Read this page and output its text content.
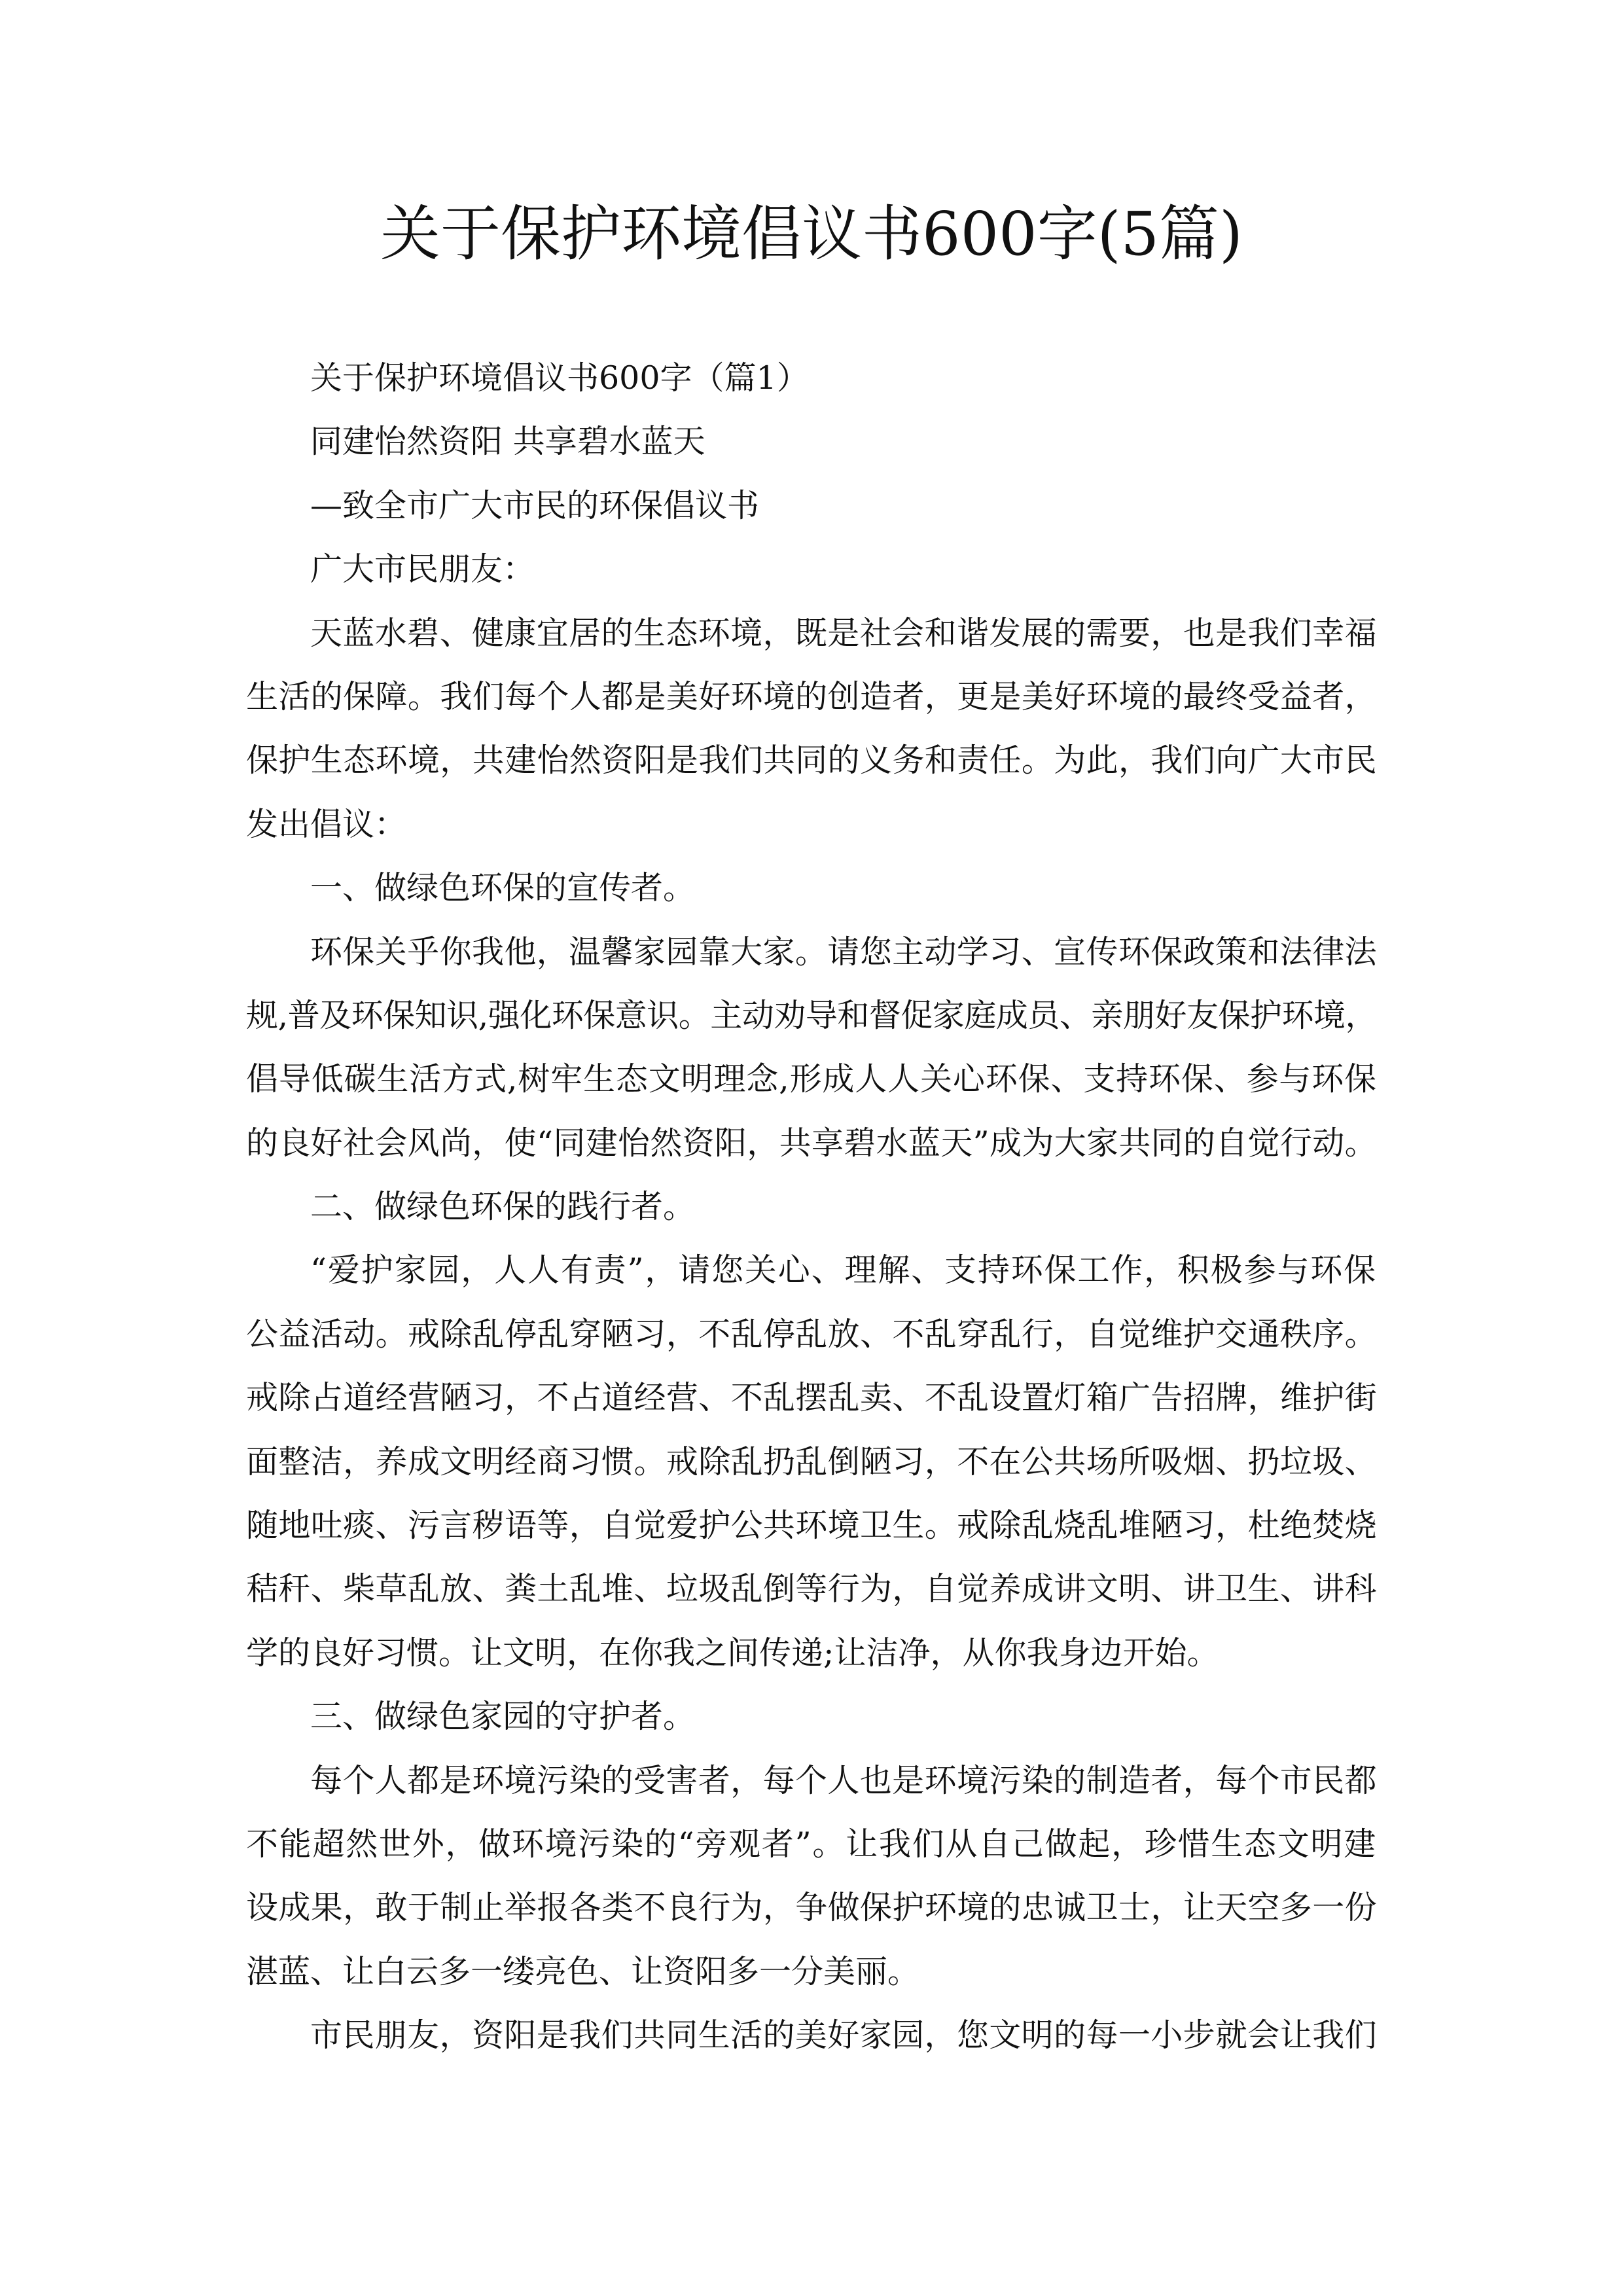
关于保护环境倡议书600字(5篇)
关于保护环境倡议书600字（篇1）
同建怡然资阳 共享碧水蓝天
—致全市广大市民的环保倡议书
广大市民朋友：
天蓝水碧、健康宜居的生态环境，既是社会和谐发展的需要，也是我们幸福
生活的保障。我们每个人都是美好环境的创造者，更是美好环境的最终受益者，
保护生态环境，共建怡然资阳是我们共同的义务和责任。为此，我们向广大市民
发出倡议：
一、做绿色环保的宣传者。
环保关乎你我他，温馨家园靠大家。请您主动学习、宣传环保政策和法律法
规,普及环保知识,强化环保意识。主动劝导和督促家庭成员、亲朋好友保护环境，
倡导低碳生活方式,树牢生态文明理念,形成人人关心环保、支持环保、参与环保
的良好社会风尚，使“同建怡然资阳，共享碧水蓝天”成为大家共同的自觉行动。
二、做绿色环保的践行者。
“爱护家园，人人有责”，请您关心、理解、支持环保工作，积极参与环保
公益活动。戒除乱停乱穿陋习，不乱停乱放、不乱穿乱行，自觉维护交通秩序。
戒除占道经营陋习，不占道经营、不乱摆乱卖、不乱设置灯箱广告招牌，维护街
面整洁，养成文明经商习惯。戒除乱扔乱倒陋习，不在公共场所吸烟、扔垃圾、
随地吐痰、污言秽语等，自觉爱护公共环境卫生。戒除乱烧乱堆陋习，杜绝焚烧
秸秆、柴草乱放、粪土乱堆、垃圾乱倒等行为，自觉养成讲文明、讲卫生、讲科
学的良好习惯。让文明，在你我之间传递;让洁净，从你我身边开始。
三、做绿色家园的守护者。
每个人都是环境污染的受害者，每个人也是环境污染的制造者，每个市民都
不能超然世外，做环境污染的“旁观者”。让我们从自己做起，珍惜生态文明建
设成果，敢于制止举报各类不良行为，争做保护环境的忠诚卫士，让天空多一份
湛蓝、让白云多一缕亮色、让资阳多一分美丽。
市民朋友，资阳是我们共同生活的美好家园，您文明的每一小步就会让我们
